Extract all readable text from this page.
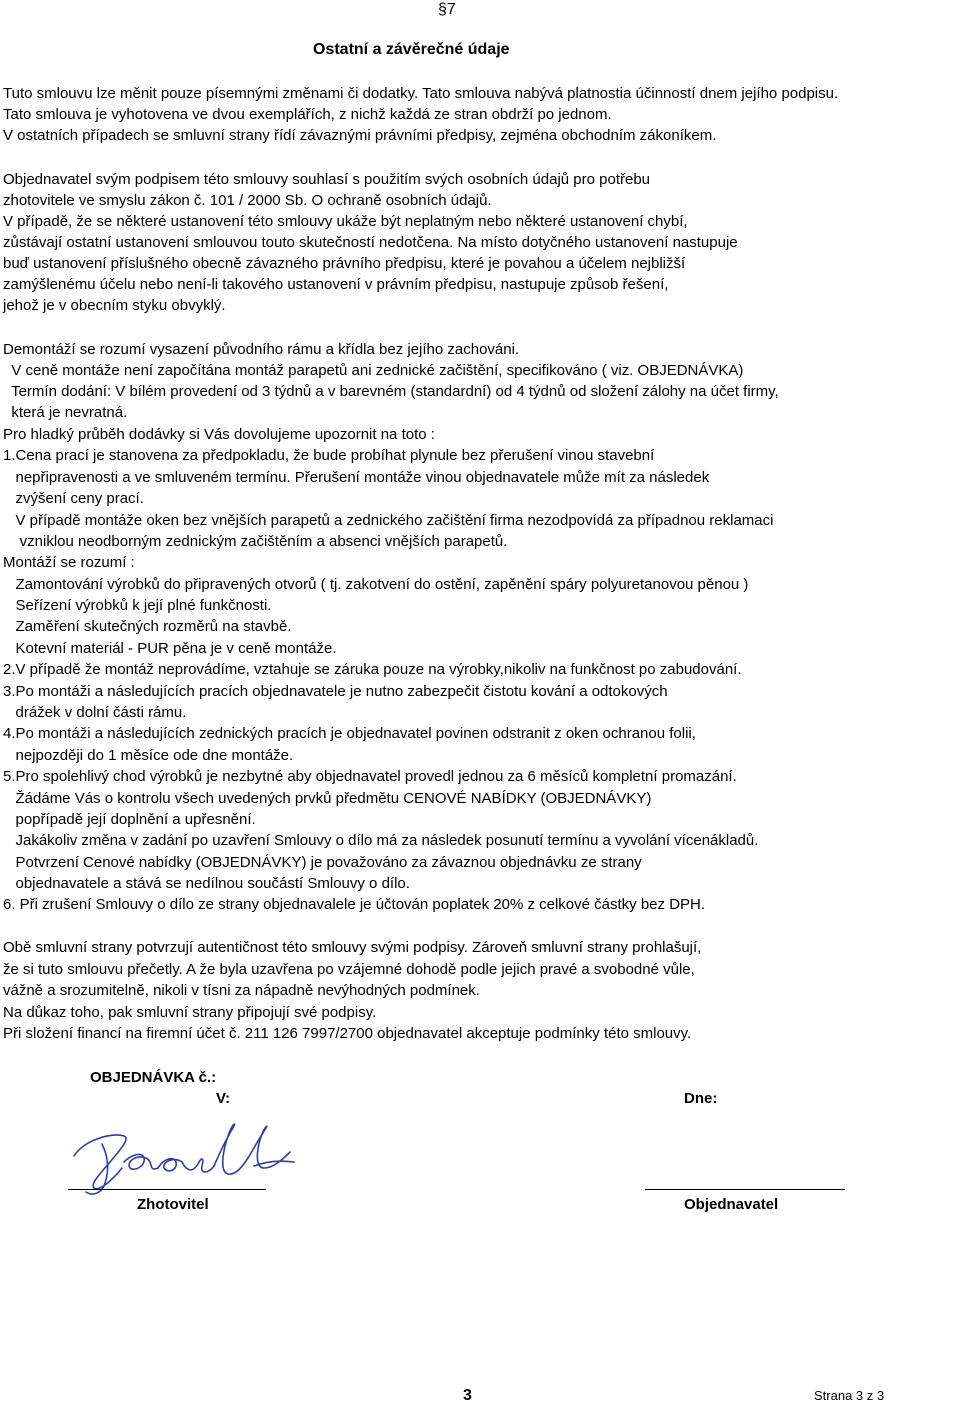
§7
Ostatní a závěrečné údaje
Tuto smlouvu lze měnit pouze písemnými změnami či dodatky. Tato smlouva nabývá platnostia účinností dnem jejího podpisu.
Tato smlouva je vyhotovena ve dvou exemplářích, z nichž každá ze stran obdrží po jednom.
V ostatních případech se smluvní strany řídí závaznými právními předpisy, zejména obchodním zákoníkem.
Objednavatel svým podpisem této smlouvy souhlasí s použitím svých osobních údajů pro potřebu
zhotovitele ve smyslu zákon č. 101 / 2000 Sb. O ochraně osobních údajů.
V případě, že se některé ustanovení této smlouvy ukáže být neplatným nebo některé ustanovení chybí,
zůstávají ostatní ustanovení smlouvou touto skutečností nedotčena. Na místo dotyčného ustanovení nastupuje
buď ustanovení příslušného obecně závazného právního předpisu, které je povahou a účelem nejbližší
zamýšlenému účelu nebo není-li takového ustanovení v právním předpisu, nastupuje způsob řešení,
jehož je v obecním styku obvyklý.
Demontáží se rozumí vysazení původního rámu a křídla bez jejího zachováni.
V ceně montáže není započítána montáž parapetů ani zednické začištění, specifikováno ( viz. OBJEDNÁVKA)
Termín dodání: V bílém provedení od 3 týdnů a v barevném (standardní) od 4 týdnů od složení zálohy na účet firmy,
která je nevratná.
Pro hladký průběh dodávky si Vás dovolujeme upozornit na toto :
1.Cena prací je stanovena za předpokladu, že bude probíhat plynule bez přerušení vinou stavební
nepřipravenosti a ve smluveném termínu. Přerušení montáže vinou objednavatele může mít za následek
zvýšení ceny prací.
V případě montáže oken bez vnějších parapetů a zednického začištění firma nezodpovídá za případnou reklamaci
vzniklou neodborným zednickým začištěním a absenci vnějších parapetů.
Montáží se rozumí :
Zamontování výrobků do připravených otvorů ( tj. zakotvení do ostění, zapěnění spáry polyuretanovou pěnou )
Seřízení výrobků k její plné funkčnosti.
Zaměření skutečných rozměrů na stavbě.
Kotevní materiál - PUR pěna je v ceně montáže.
2.V případě že montáž neprovádíme, vztahuje se záruka pouze na výrobky,nikoliv na funkčnost po zabudování.
3.Po montáži a následujících pracích objednavatele je nutno zabezpečit čistotu kování a odtokových
drážek v dolní části rámu.
4.Po montáži a následujících zednických pracích je objednavatel povinen odstranit z oken ochranou folii,
nejpozději do 1 měsíce ode dne montáže.
5.Pro spolehlivý chod výrobků je nezbytné aby objednavatel provedl jednou za 6 měsíců kompletní promazání.
Žádáme Vás o kontrolu všech uvedených prvků předmětu CENOVÉ NABÍDKY (OBJEDNÁVKY)
popřípadě její doplnění a upřesnění.
Jakákoliv změna v zadání po uzavření Smlouvy o dílo má za následek posunutí termínu a vyvolání vícenákladů.
Potvrzení Cenové nabídky (OBJEDNÁVKY) je považováno za závaznou objednávku ze strany
objednavatele a stává se nedílnou součástí Smlouvy o dílo.
6. Při zrušení Smlouvy o dílo ze strany objednavalele je účtován poplatek 20% z celkové částky bez DPH.
Obě smluvní strany potvrzují autentičnost této smlouvy svými podpisy. Zároveň smluvní strany prohlašují,
že si tuto smlouvu přečetly. A že byla uzavřena po vzájemné dohodě podle jejich pravé a svobodné vůle,
vážně a srozumitelně, nikoli v tísni za nápadně nevýhodných podmínek.
Na důkaz toho, pak smluvní strany připojují své podpisy.
Při složení financí na firemní účet č. 211 126 7997/2700 objednavatel akceptuje podmínky této smlouvy.
OBJEDNÁVKA č.:
V:	Dne:
Zhotovitel	Objednavatel
3	Strana 3 z 3
